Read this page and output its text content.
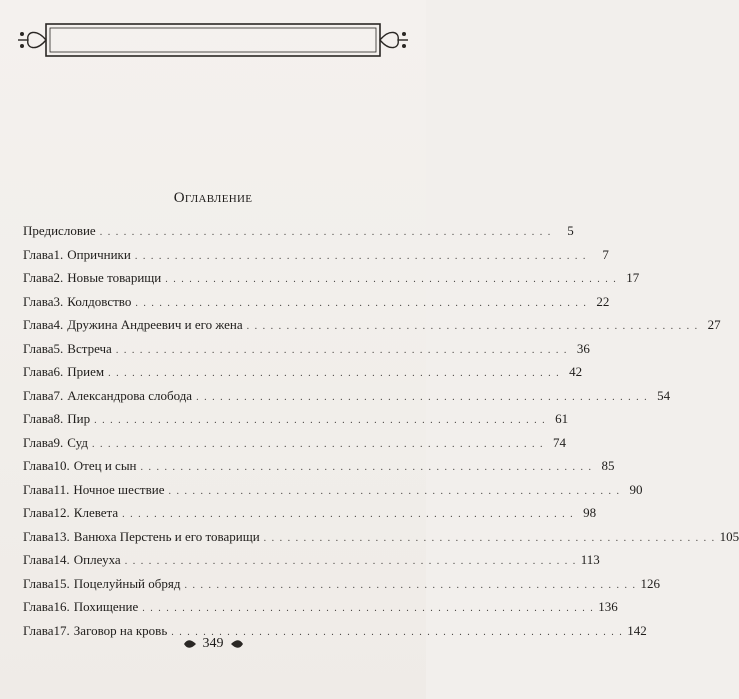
Оглавление
Предисловие . . . . . . . . . . . . . . . . . . . . . . . . . . . . . . . . . . . . . . . . . . . . . . . . . . . . . . . . .	5
Глава 1. Опричники . . . . . . . . . . . . . . . . . . . . . . . . . . . . . . . . . . . . . . . . . . . . . . . . . . . . . . . . .	7
Глава 2. Новые товарищи . . . . . . . . . . . . . . . . . . . . . . . . . . . . . . . . . . . . . . . . . . . . . . . . . . . . . . . . . 17
Глава 3. Колдовство . . . . . . . . . . . . . . . . . . . . . . . . . . . . . . . . . . . . . . . . . . . . . . . . . . . . . . . . . 22
Глава 4. Дружина Андреевич и его жена . . . . . . . . . . . . . . . . . . . . . . . . . . . . . . . . . . . . . . . . . . . . . . . . . . . . . . . . . 27
Глава 5. Встреча . . . . . . . . . . . . . . . . . . . . . . . . . . . . . . . . . . . . . . . . . . . . . . . . . . . . . . . . . 36
Глава 6. Прием . . . . . . . . . . . . . . . . . . . . . . . . . . . . . . . . . . . . . . . . . . . . . . . . . . . . . . . . . 42
Глава 7. Александрова слобода . . . . . . . . . . . . . . . . . . . . . . . . . . . . . . . . . . . . . . . . . . . . . . . . . . . . . . . . . 54
Глава 8. Пир . . . . . . . . . . . . . . . . . . . . . . . . . . . . . . . . . . . . . . . . . . . . . . . . . . . . . . . . . 61
Глава 9. Суд . . . . . . . . . . . . . . . . . . . . . . . . . . . . . . . . . . . . . . . . . . . . . . . . . . . . . . . . . 74
Глава 10. Отец и сын . . . . . . . . . . . . . . . . . . . . . . . . . . . . . . . . . . . . . . . . . . . . . . . . . . . . . . . . . 85
Глава 11. Ночное шествие . . . . . . . . . . . . . . . . . . . . . . . . . . . . . . . . . . . . . . . . . . . . . . . . . . . . . . . . . 90
Глава 12. Клевета . . . . . . . . . . . . . . . . . . . . . . . . . . . . . . . . . . . . . . . . . . . . . . . . . . . . . . . . . 98
Глава 13. Ванюха Перстень и его товарищи . . . . . . . . . . . . . . . . . . . . . . . . . . . . . . . . . . . . . . . . . . . . . . . . . . . . . . . . . 105
Глава 14. Оплеуха . . . . . . . . . . . . . . . . . . . . . . . . . . . . . . . . . . . . . . . . . . . . . . . . . . . . . . . . . 113
Глава 15. Поцелуйный обряд . . . . . . . . . . . . . . . . . . . . . . . . . . . . . . . . . . . . . . . . . . . . . . . . . . . . . . . . . 126
Глава 16. Похищение . . . . . . . . . . . . . . . . . . . . . . . . . . . . . . . . . . . . . . . . . . . . . . . . . . . . . . . . . 136
Глава 17. Заговор на кровь . . . . . . . . . . . . . . . . . . . . . . . . . . . . . . . . . . . . . . . . . . . . . . . . . . . . . . . . . 142
349
